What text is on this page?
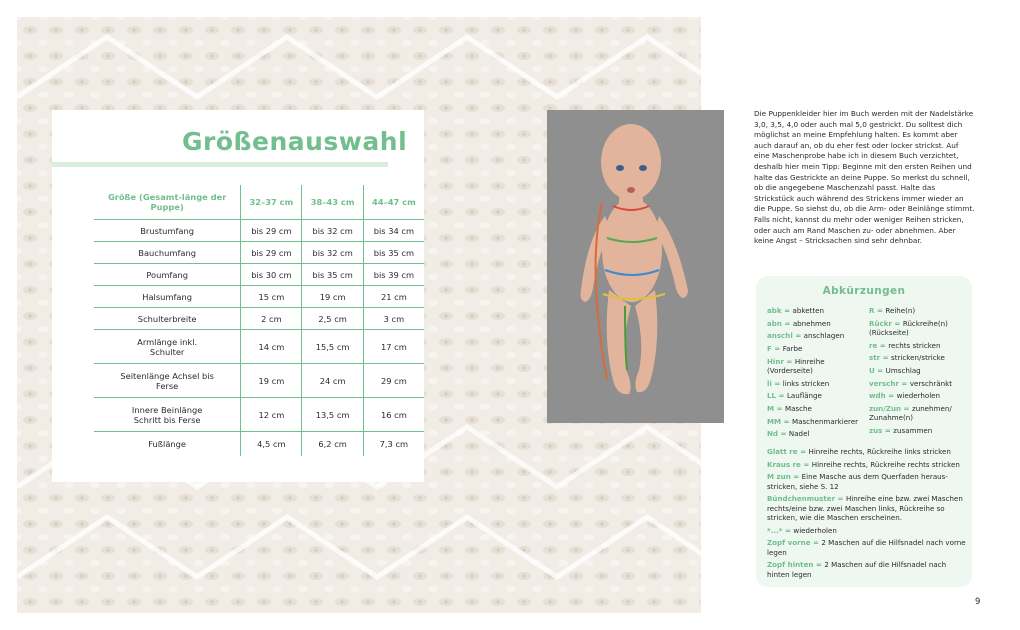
Größenauswahl
Größe (Gesamt-länge der Puppe)	32–37 cm	38–43 cm	44–47 cm
Brustumfang	bis 29 cm	bis 32 cm	bis 34 cm
Bauchumfang	bis 29 cm	bis 32 cm	bis 35 cm
Poumfang	bis 30 cm	bis 35 cm	bis 39 cm
Halsumfang	15 cm	19 cm	21 cm
Schulterbreite	2 cm	2,5 cm	3 cm
Armlänge inkl. Schulter	14 cm	15,5 cm	17 cm
Seitenlänge Achsel bis Ferse	19 cm	24 cm	29 cm
Innere Beinlänge Schritt bis Ferse	12 cm	13,5 cm	16 cm
Fußlänge	4,5 cm	6,2 cm	7,3 cm

Die Puppenkleider hier im Buch werden mit der Nadelstärke 3,0, 3,5, 4,0 oder auch mal 5,0 gestrickt. Du solltest dich möglichst an meine Empfehlung halten. Es kommt aber auch darauf an, ob du eher fest oder locker strickst. Auf eine Maschenprobe habe ich in diesem Buch verzichtet, deshalb hier mein Tipp: Beginne mit den ersten Reihen und halte das Gestrickte an deine Puppe. So merkst du schnell, ob die angegebene Maschenzahl passt. Halte das Strickstück auch während des Strickens immer wieder an die Puppe. So siehst du, ob die Arm- oder Beinlänge stimmt. Falls nicht, kannst du mehr oder weniger Reihen stricken, oder auch am Rand Maschen zu- oder abnehmen. Aber keine Angst – Stricksachen sind sehr dehnbar.

Abkürzungen
abk = abketten
abn = abnehmen
anschl = anschlagen
F = Farbe
Hinr = Hinreihe (Vorderseite)
li = links stricken
LL = Lauflänge
M = Masche
MM = Maschenmarkierer
Nd = Nadel
R = Reihe(n)
Rückr = Rückreihe(n) (Rückseite)
re = rechts stricken
str = stricken/stricke
U = Umschlag
verschr = verschränkt
wdh = wiederholen
zun/Zun = zunehmen/ Zunahme(n)
zus = zusammen
Glatt re = Hinreihe rechts, Rückreihe links stricken
Kraus re = Hinreihe rechts, Rückreihe rechts stricken
M zun = Eine Masche aus dem Querfaden heraus-stricken, siehe S. 12
Bündchenmuster = Hinreihe eine bzw. zwei Maschen rechts/eine bzw. zwei Maschen links, Rückreihe so stricken, wie die Maschen erscheinen.
*...* = wiederholen
Zopf vorne = 2 Maschen auf die Hilfsnadel nach vorne legen
Zopf hinten = 2 Maschen auf die Hilfsnadel nach hinten legen
9
